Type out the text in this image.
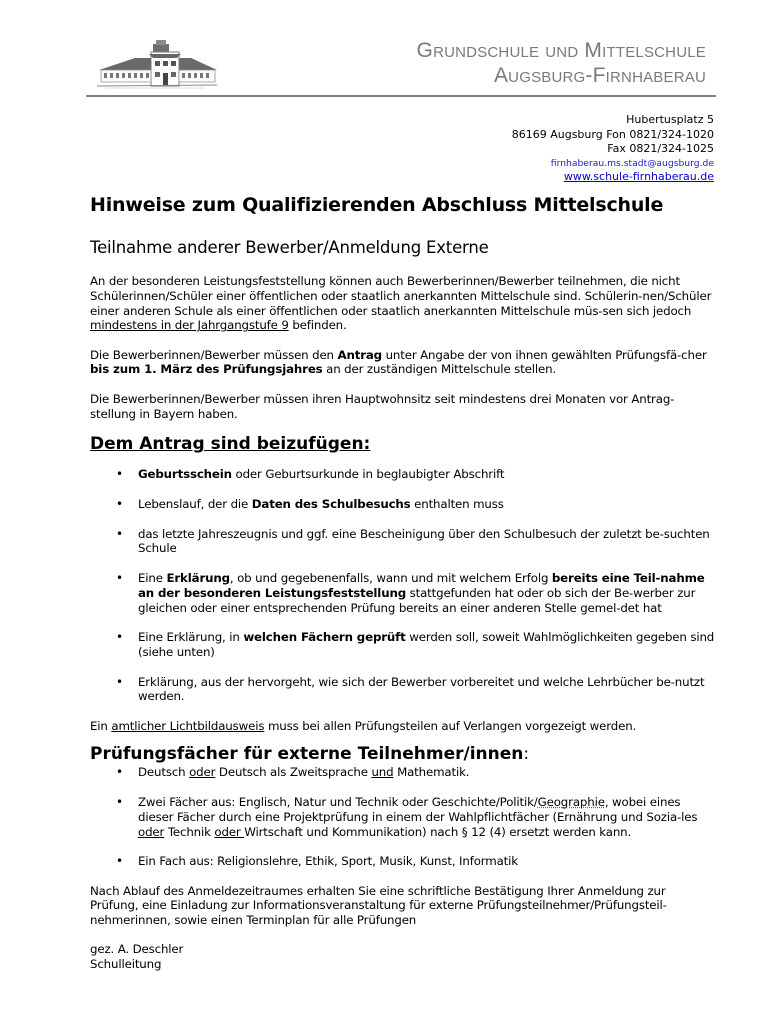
Grundschule und Mittelschule
Augsburg-Firnhaberau
Hubertusplatz 5
86169 Augsburg Fon 0821/324-1020
Fax 0821/324-1025
firnhaberau.ms.stadt@augsburg.de
www.schule-firnhaberau.de
Hinweise zum Qualifizierenden Abschluss Mittelschule
Teilnahme anderer Bewerber/Anmeldung Externe

An der besonderen Leistungsfeststellung können auch Bewerberinnen/Bewerber teilnehmen, die nicht Schülerinnen/Schüler einer öffentlichen oder staatlich anerkannten Mittelschule sind. Schülerin-nen/Schüler einer anderen Schule als einer öffentlichen oder staatlich anerkannten Mittelschule müs-sen sich jedoch mindestens in der Jahrgangstufe 9 befinden.

Die Bewerberinnen/Bewerber müssen den Antrag unter Angabe der von ihnen gewählten Prüfungsfä-cher bis zum 1. März des Prüfungsjahres an der zuständigen Mittelschule stellen.

Die Bewerberinnen/Bewerber müssen ihren Hauptwohnsitz seit mindestens drei Monaten vor Antrag-stellung in Bayern haben.

Dem Antrag sind beizufügen:
• Geburtsschein oder Geburtsurkunde in beglaubigter Abschrift
• Lebenslauf, der die Daten des Schulbesuchs enthalten muss
• das letzte Jahreszeugnis und ggf. eine Bescheinigung über den Schulbesuch der zuletzt be-suchten Schule
• Eine Erklärung, ob und gegebenenfalls, wann und mit welchem Erfolg bereits eine Teil-nahme an der besonderen Leistungsfeststellung stattgefunden hat oder ob sich der Be-werber zur gleichen oder einer entsprechenden Prüfung bereits an einer anderen Stelle gemel-det hat
• Eine Erklärung, in welchen Fächern geprüft werden soll, soweit Wahlmöglichkeiten gegeben sind (siehe unten)
• Erklärung, aus der hervorgeht, wie sich der Bewerber vorbereitet und welche Lehrbücher be-nutzt werden.

Ein amtlicher Lichtbildausweis muss bei allen Prüfungsteilen auf Verlangen vorgezeigt werden.

Prüfungsfächer für externe Teilnehmer/innen:
• Deutsch oder Deutsch als Zweitsprache und Mathematik.
• Zwei Fächer aus: Englisch, Natur und Technik oder Geschichte/Politik/Geographie, wobei eines dieser Fächer durch eine Projektprüfung in einem der Wahlpflichtfächer (Ernährung und Sozia-les oder Technik oder Wirtschaft und Kommunikation) nach § 12 (4) ersetzt werden kann.
• Ein Fach aus: Religionslehre, Ethik, Sport, Musik, Kunst, Informatik

Nach Ablauf des Anmeldezeitraumes erhalten Sie eine schriftliche Bestätigung Ihrer Anmeldung zur Prüfung, eine Einladung zur Informationsveranstaltung für externe Prüfungsteilnehmer/Prüfungsteil-nehmerinnen, sowie einen Terminplan für alle Prüfungen

gez. A. Deschler

Schulleitung
